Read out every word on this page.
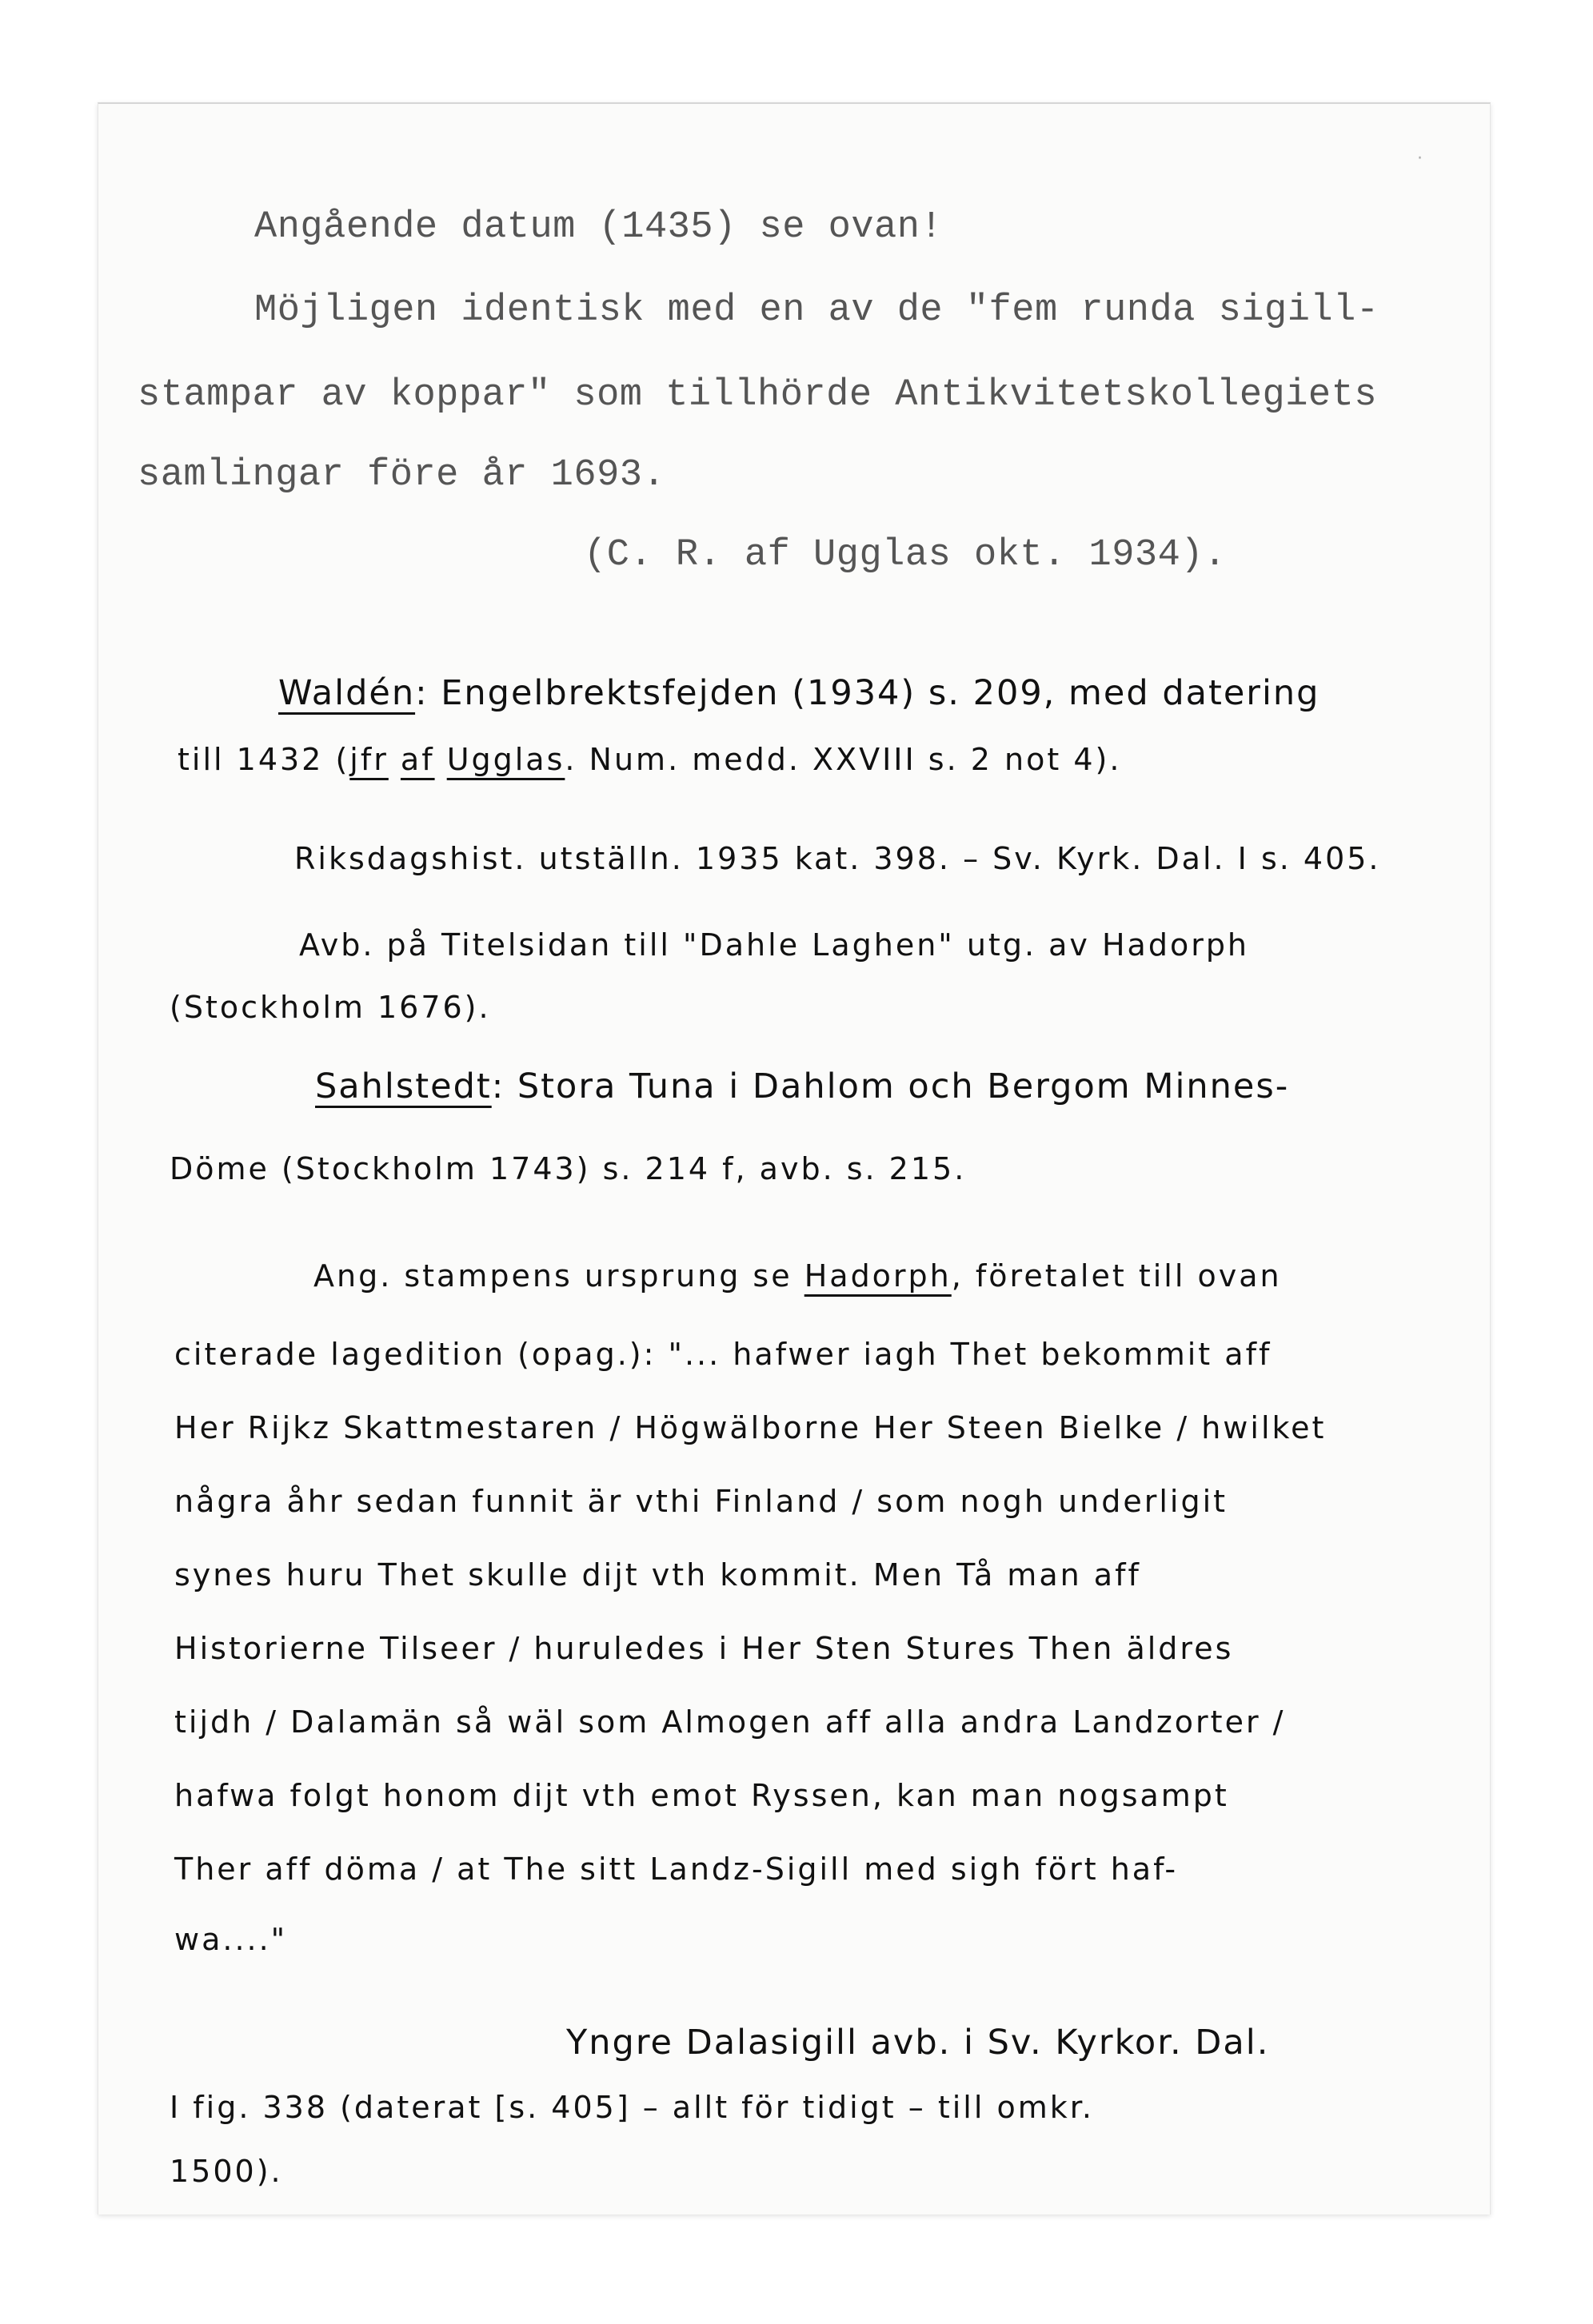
·
Angående datum (1435) se ovan!
Möjligen identisk med en av de "fem runda sigill-
stampar av koppar" som tillhörde Antikvitetskollegiets
samlingar före år 1693.
(C. R. af Ugglas okt. 1934).
Waldén: Engelbrektsfejden (1934) s. 209, med datering
till 1432 (jfr af Ugglas. Num. medd. XXVIII s. 2 not 4).
Riksdagshist. utställn. 1935 kat. 398. – Sv. Kyrk. Dal. I s. 405.
Avb. på Titelsidan till "Dahle Laghen" utg. av Hadorph
(Stockholm 1676).
Sahlstedt: Stora Tuna i Dahlom och Bergom Minnes-
Döme (Stockholm 1743) s. 214 f, avb. s. 215.
Ang. stampens ursprung se Hadorph, företalet till ovan
citerade lagedition (opag.): "... hafwer iagh Thet bekommit aff
Her Rijkz Skattmestaren / Högwälborne Her Steen Bielke / hwilket
några åhr sedan funnit är vthi Finland / som nogh underligit
synes huru Thet skulle dijt vth kommit. Men Tå man aff
Historierne Tilseer / huruledes i Her Sten Stures Then äldres
tijdh / Dalamän så wäl som Almogen aff alla andra Landzorter /
hafwa folgt honom dijt vth emot Ryssen, kan man nogsampt
Ther aff döma / at The sitt Landz-Sigill med sigh fört haf-
wa...."
Yngre Dalasigill avb. i Sv. Kyrkor. Dal.
I fig. 338 (daterat [s. 405] – allt för tidigt – till omkr.
1500).
